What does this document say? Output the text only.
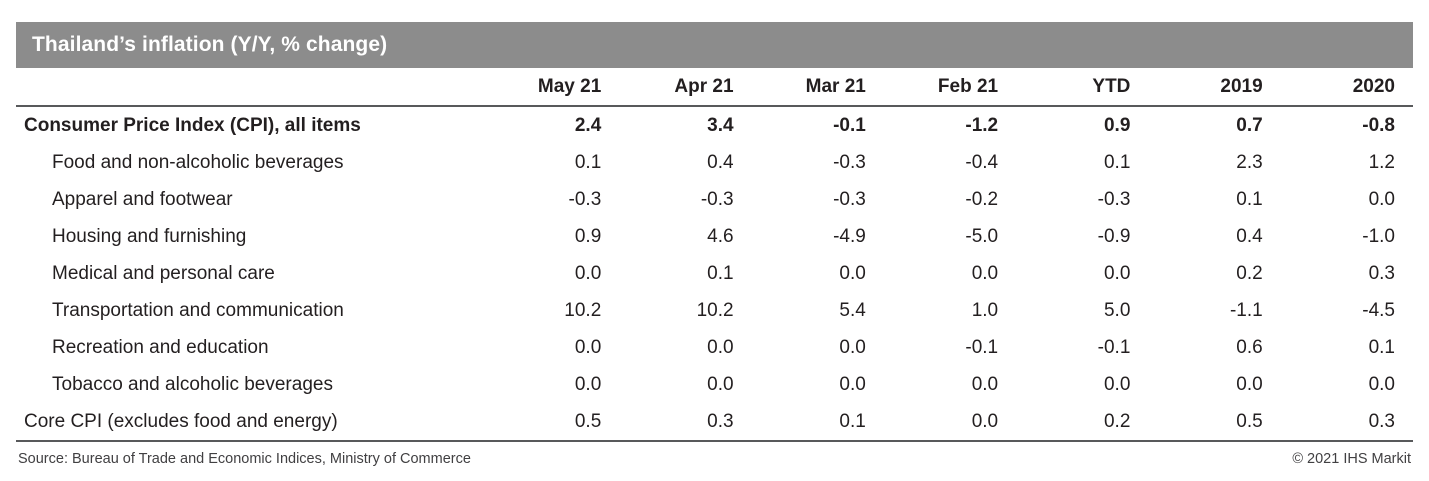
Thailand’s inflation (Y/Y, % change)
	May 21	Apr 21	Mar 21	Feb 21	YTD	2019	2020
Consumer Price Index (CPI), all items	2.4	3.4	-0.1	-1.2	0.9	0.7	-0.8
Food and non-alcoholic beverages	0.1	0.4	-0.3	-0.4	0.1	2.3	1.2
Apparel and footwear	-0.3	-0.3	-0.3	-0.2	-0.3	0.1	0.0
Housing and furnishing	0.9	4.6	-4.9	-5.0	-0.9	0.4	-1.0
Medical and personal care	0.0	0.1	0.0	0.0	0.0	0.2	0.3
Transportation and communication	10.2	10.2	5.4	1.0	5.0	-1.1	-4.5
Recreation and education	0.0	0.0	0.0	-0.1	-0.1	0.6	0.1
Tobacco and alcoholic beverages	0.0	0.0	0.0	0.0	0.0	0.0	0.0
Core CPI (excludes food and energy)	0.5	0.3	0.1	0.0	0.2	0.5	0.3
Source: Bureau of Trade and Economic Indices, Ministry of Commerce	© 2021 IHS Markit
